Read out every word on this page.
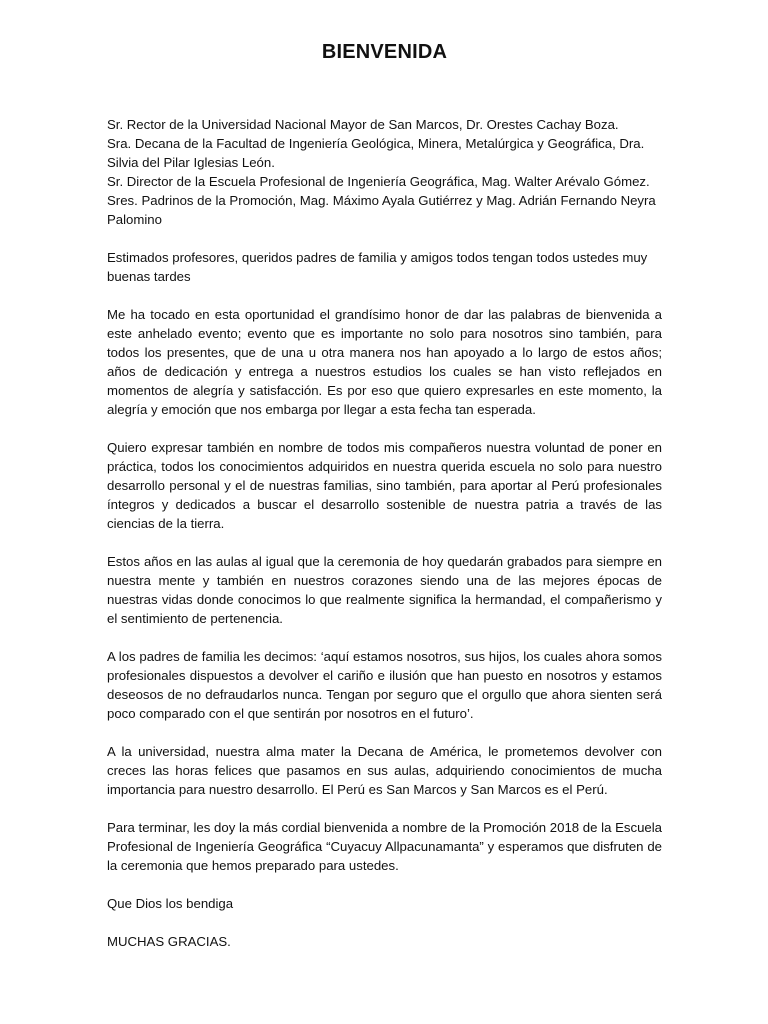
BIENVENIDA

Sr. Rector de la Universidad Nacional Mayor de San Marcos, Dr. Orestes Cachay Boza.

Sra. Decana de la Facultad de Ingeniería Geológica, Minera, Metalúrgica y Geográfica, Dra. Silvia del Pilar Iglesias León.

Sr. Director de la Escuela Profesional de Ingeniería Geográfica, Mag. Walter Arévalo Gómez.

Sres. Padrinos de la Promoción, Mag. Máximo Ayala Gutiérrez y Mag. Adrián Fernando Neyra Palomino

Estimados profesores, queridos padres de familia y amigos todos tengan todos ustedes muy buenas tardes

Me ha tocado en esta oportunidad el grandísimo honor de dar las palabras de bienvenida a este anhelado evento; evento que es importante no solo para nosotros sino también, para todos los presentes, que de una u otra manera nos han apoyado a lo largo de estos años; años de dedicación y entrega a nuestros estudios los cuales se han visto reflejados en momentos de alegría y satisfacción. Es por eso que quiero expresarles en este momento, la alegría y emoción que nos embarga por llegar a esta fecha tan esperada.

Quiero expresar también en nombre de todos mis compañeros nuestra voluntad de poner en práctica, todos los conocimientos adquiridos en nuestra querida escuela no solo para nuestro desarrollo personal y el de nuestras familias, sino también, para aportar al Perú profesionales íntegros y dedicados a buscar el desarrollo sostenible de nuestra patria a través de las ciencias de la tierra.

Estos años en las aulas al igual que la ceremonia de hoy quedarán grabados para siempre en nuestra mente y también en nuestros corazones siendo una de las mejores épocas de nuestras vidas donde conocimos lo que realmente significa la hermandad, el compañerismo y el sentimiento de pertenencia.

A los padres de familia les decimos: ‘aquí estamos nosotros, sus hijos, los cuales ahora somos profesionales dispuestos a devolver el cariño e ilusión que han puesto en nosotros y estamos deseosos de no defraudarlos nunca. Tengan por seguro que el orgullo que ahora sienten será poco comparado con el que sentirán por nosotros en el futuro’.

A la universidad, nuestra alma mater la Decana de América, le prometemos devolver con creces las horas felices que pasamos en sus aulas, adquiriendo conocimientos de mucha importancia para nuestro desarrollo. El Perú es San Marcos y San Marcos es el Perú.

Para terminar, les doy la más cordial bienvenida a nombre de la Promoción 2018 de la Escuela Profesional de Ingeniería Geográfica “Cuyacuy Allpacunamanta” y esperamos que disfruten de la ceremonia que hemos preparado para ustedes.

Que Dios los bendiga

MUCHAS GRACIAS.
